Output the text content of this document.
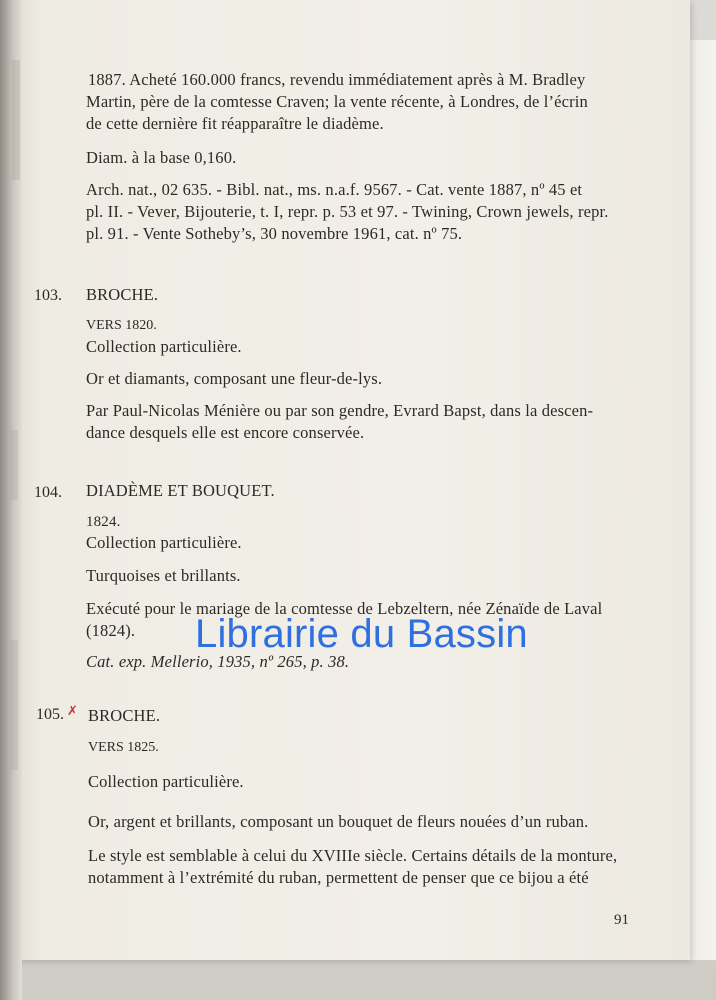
1887. Acheté 160.000 francs, revendu immédiatement après à M. Bradley
Martin, père de la comtesse Craven; la vente récente, à Londres, de l’écrin
de cette dernière fit réapparaître le diadème.
Diam. à la base 0,160.
Arch. nat., 02 635. - Bibl. nat., ms. n.a.f. 9567. - Cat. vente 1887, nº 45 et
pl. II. - Vever, Bijouterie, t. I, repr. p. 53 et 97. - Twining, Crown jewels, repr.
pl. 91. - Vente Sotheby’s, 30 novembre 1961, cat. nº 75.
103. BROCHE.
VERS 1820.
Collection particulière.
Or et diamants, composant une fleur-de-lys.
Par Paul-Nicolas Ménière ou par son gendre, Evrard Bapst, dans la descen-
dance desquels elle est encore conservée.
104. DIADÈME ET BOUQUET.
1824.
Collection particulière.
Turquoises et brillants.
Exécuté pour le mariage de la comtesse de Lebzeltern, née Zénaïde de Laval
(1824).
Cat. exp. Mellerio, 1935, nº 265, p. 38.
Librairie du Bassin
105. ✗ BROCHE.
VERS 1825.
Collection particulière.
Or, argent et brillants, composant un bouquet de fleurs nouées d’un ruban.
Le style est semblable à celui du XVIIIe siècle. Certains détails de la monture,
notamment à l’extrémité du ruban, permettent de penser que ce bijou a été
91
